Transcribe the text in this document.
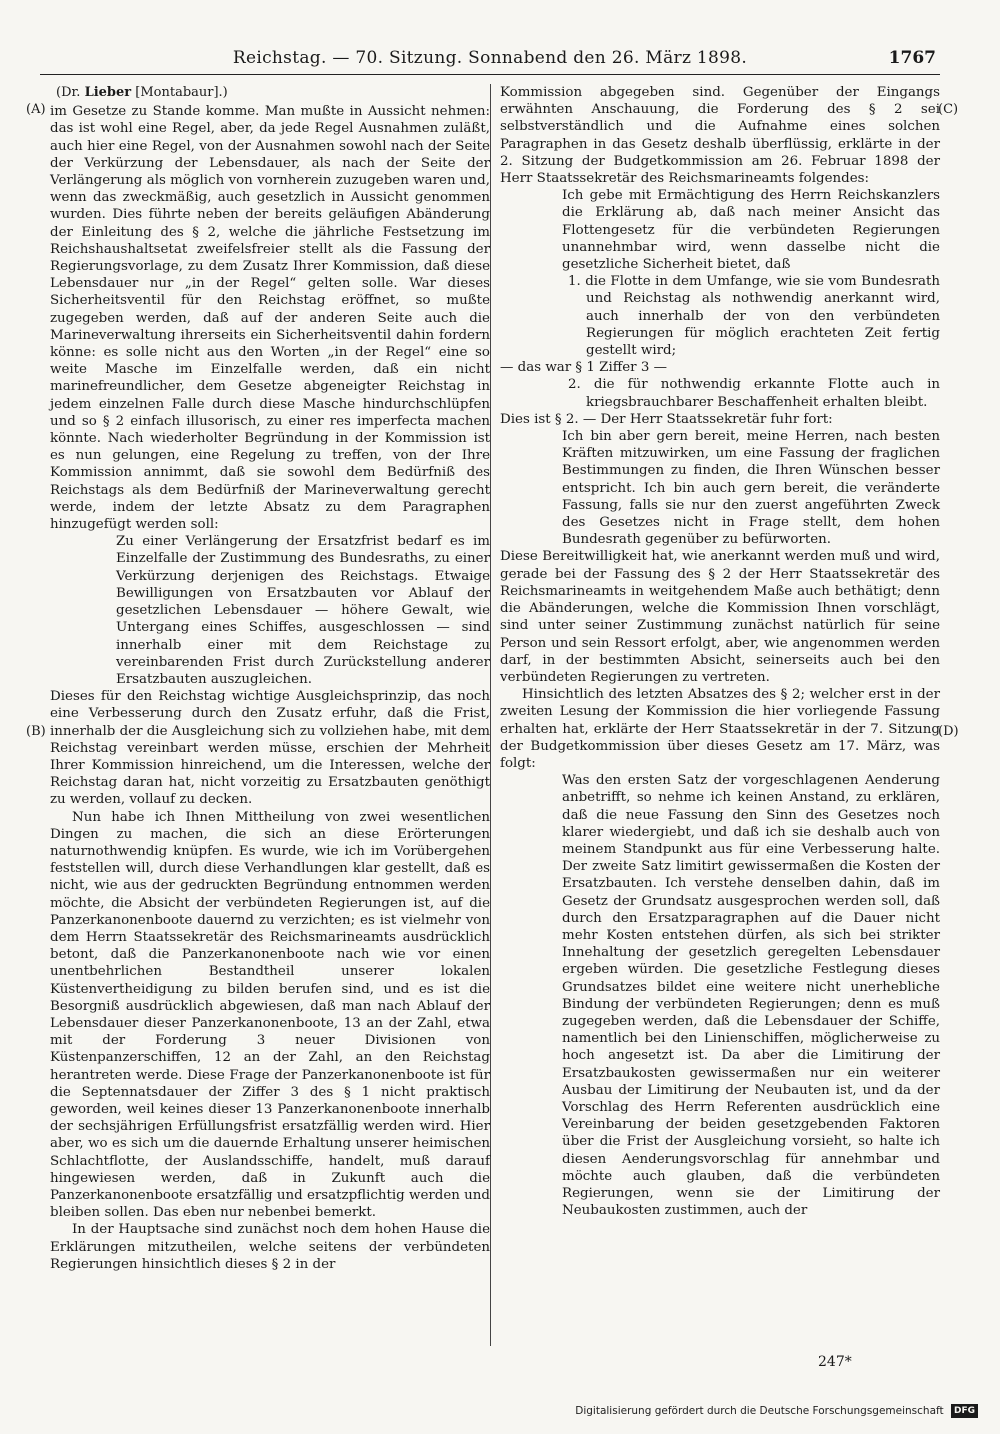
Reichstag. — 70. Sitzung. Sonnabend den 26. März 1898.	1767
(A)
(B)
(C)
(D)
(Dr. Lieber [Montabaur].)

im Gesetze zu Stande komme. Man mußte in Aussicht nehmen: das ist wohl eine Regel, aber, da jede Regel Ausnahmen zuläßt, auch hier eine Regel, von der Ausnahmen sowohl nach der Seite der Verkürzung der Lebensdauer, als nach der Seite der Verlängerung als möglich von vornherein zuzugeben waren und, wenn das zweckmäßig, auch gesetzlich in Aussicht genommen wurden. Dies führte neben der bereits geläufigen Abänderung der Einleitung des § 2, welche die jährliche Festsetzung im Reichshaushaltsetat zweifelsfreier stellt als die Fassung der Regierungsvorlage, zu dem Zusatz Ihrer Kommission, daß diese Lebensdauer nur „in der Regel“ gelten solle. War dieses Sicherheitsventil für den Reichstag eröffnet, so mußte zugegeben werden, daß auf der anderen Seite auch die Marineverwaltung ihrerseits ein Sicherheitsventil dahin fordern könne: es solle nicht aus den Worten „in der Regel“ eine so weite Masche im Einzelfalle werden, daß ein nicht marinefreundlicher, dem Gesetze abgeneigter Reichstag in jedem einzelnen Falle durch diese Masche hindurchschlüpfen und so § 2 einfach illusorisch, zu einer res imperfecta machen könnte. Nach wiederholter Begründung in der Kommission ist es nun gelungen, eine Regelung zu treffen, von der Ihre Kommission annimmt, daß sie sowohl dem Bedürfniß des Reichstags als dem Bedürfniß der Marineverwaltung gerecht werde, indem der letzte Absatz zu dem Paragraphen hinzugefügt werden soll:

Zu einer Verlängerung der Ersatzfrist bedarf es im Einzelfalle der Zustimmung des Bundesraths, zu einer Verkürzung derjenigen des Reichstags. Etwaige Bewilligungen von Ersatzbauten vor Ablauf der gesetzlichen Lebensdauer — höhere Gewalt, wie Untergang eines Schiffes, ausgeschlossen — sind innerhalb einer mit dem Reichstage zu vereinbarenden Frist durch Zurückstellung anderer Ersatzbauten auszugleichen.

Dieses für den Reichstag wichtige Ausgleichsprinzip, das noch eine Verbesserung durch den Zusatz erfuhr, daß die Frist, innerhalb der die Ausgleichung sich zu vollziehen habe, mit dem Reichstag vereinbart werden müsse, erschien der Mehrheit Ihrer Kommission hinreichend, um die Interessen, welche der Reichstag daran hat, nicht vorzeitig zu Ersatzbauten genöthigt zu werden, vollauf zu decken.

Nun habe ich Ihnen Mittheilung von zwei wesentlichen Dingen zu machen, die sich an diese Erörterungen naturnothwendig knüpfen. Es wurde, wie ich im Vorübergehen feststellen will, durch diese Verhandlungen klar gestellt, daß es nicht, wie aus der gedruckten Begründung entnommen werden möchte, die Absicht der verbündeten Regierungen ist, auf die Panzerkanonenboote dauernd zu verzichten; es ist vielmehr von dem Herrn Staatssekretär des Reichsmarineamts ausdrücklich betont, daß die Panzerkanonenboote nach wie vor einen unentbehrlichen Bestandtheil unserer lokalen Küstenvertheidigung zu bilden berufen sind, und es ist die Besorgniß ausdrücklich abgewiesen, daß man nach Ablauf der Lebensdauer dieser Panzerkanonenboote, 13 an der Zahl, etwa mit der Forderung 3 neuer Divisionen von Küstenpanzerschiffen, 12 an der Zahl, an den Reichstag herantreten werde. Diese Frage der Panzerkanonenboote ist für die Septennatsdauer der Ziffer 3 des § 1 nicht praktisch geworden, weil keines dieser 13 Panzerkanonenboote innerhalb der sechsjährigen Erfüllungsfrist ersatzfällig werden wird. Hier aber, wo es sich um die dauernde Erhaltung unserer heimischen Schlachtflotte, der Auslandsschiffe, handelt, muß darauf hingewiesen werden, daß in Zukunft auch die Panzerkanonenboote ersatzfällig und ersatzpflichtig werden und bleiben sollen. Das eben nur nebenbei bemerkt.

In der Hauptsache sind zunächst noch dem hohen Hause die Erklärungen mitzutheilen, welche seitens der verbündeten Regierungen hinsichtlich dieses § 2 in der

Kommission abgegeben sind. Gegenüber der Eingangs erwähnten Anschauung, die Forderung des § 2 sei selbstverständlich und die Aufnahme eines solchen Paragraphen in das Gesetz deshalb überflüssig, erklärte in der 2. Sitzung der Budgetkommission am 26. Februar 1898 der Herr Staatssekretär des Reichsmarineamts folgendes:

Ich gebe mit Ermächtigung des Herrn Reichskanzlers die Erklärung ab, daß nach meiner Ansicht das Flottengesetz für die verbündeten Regierungen unannehmbar wird, wenn dasselbe nicht die gesetzliche Sicherheit bietet, daß

1. die Flotte in dem Umfange, wie sie vom Bundesrath und Reichstag als nothwendig anerkannt wird, auch innerhalb der von den verbündeten Regierungen für möglich erachteten Zeit fertig gestellt wird;

— das war § 1 Ziffer 3 —

2. die für nothwendig erkannte Flotte auch in kriegsbrauchbarer Beschaffenheit erhalten bleibt.

Dies ist § 2. — Der Herr Staatssekretär fuhr fort:

Ich bin aber gern bereit, meine Herren, nach besten Kräften mitzuwirken, um eine Fassung der fraglichen Bestimmungen zu finden, die Ihren Wünschen besser entspricht. Ich bin auch gern bereit, die veränderte Fassung, falls sie nur den zuerst angeführten Zweck des Gesetzes nicht in Frage stellt, dem hohen Bundesrath gegenüber zu befürworten.

Diese Bereitwilligkeit hat, wie anerkannt werden muß und wird, gerade bei der Fassung des § 2 der Herr Staatssekretär des Reichsmarineamts in weitgehendem Maße auch bethätigt; denn die Abänderungen, welche die Kommission Ihnen vorschlägt, sind unter seiner Zustimmung zunächst natürlich für seine Person und sein Ressort erfolgt, aber, wie angenommen werden darf, in der bestimmten Absicht, seinerseits auch bei den verbündeten Regierungen zu vertreten.

Hinsichtlich des letzten Absatzes des § 2; welcher erst in der zweiten Lesung der Kommission die hier vorliegende Fassung erhalten hat, erklärte der Herr Staatssekretär in der 7. Sitzung der Budgetkommission über dieses Gesetz am 17. März, was folgt:

Was den ersten Satz der vorgeschlagenen Aenderung anbetrifft, so nehme ich keinen Anstand, zu erklären, daß die neue Fassung den Sinn des Gesetzes noch klarer wiedergiebt, und daß ich sie deshalb auch von meinem Standpunkt aus für eine Verbesserung halte. Der zweite Satz limitirt gewissermaßen die Kosten der Ersatzbauten. Ich verstehe denselben dahin, daß im Gesetz der Grundsatz ausgesprochen werden soll, daß durch den Ersatzparagraphen auf die Dauer nicht mehr Kosten entstehen dürfen, als sich bei strikter Innehaltung der gesetzlich geregelten Lebensdauer ergeben würden. Die gesetzliche Festlegung dieses Grundsatzes bildet eine weitere nicht unerhebliche Bindung der verbündeten Regierungen; denn es muß zugegeben werden, daß die Lebensdauer der Schiffe, namentlich bei den Linienschiffen, möglicherweise zu hoch angesetzt ist. Da aber die Limitirung der Ersatzbaukosten gewissermaßen nur ein weiterer Ausbau der Limitirung der Neubauten ist, und da der Vorschlag des Herrn Referenten ausdrücklich eine Vereinbarung der beiden gesetzgebenden Faktoren über die Frist der Ausgleichung vorsieht, so halte ich diesen Aenderungsvorschlag für annehmbar und möchte auch glauben, daß die verbündeten Regierungen, wenn sie der Limitirung der Neubaukosten zustimmen, auch der

247*
Digitalisierung gefördert durch die Deutsche Forschungsgemeinschaft DFG
